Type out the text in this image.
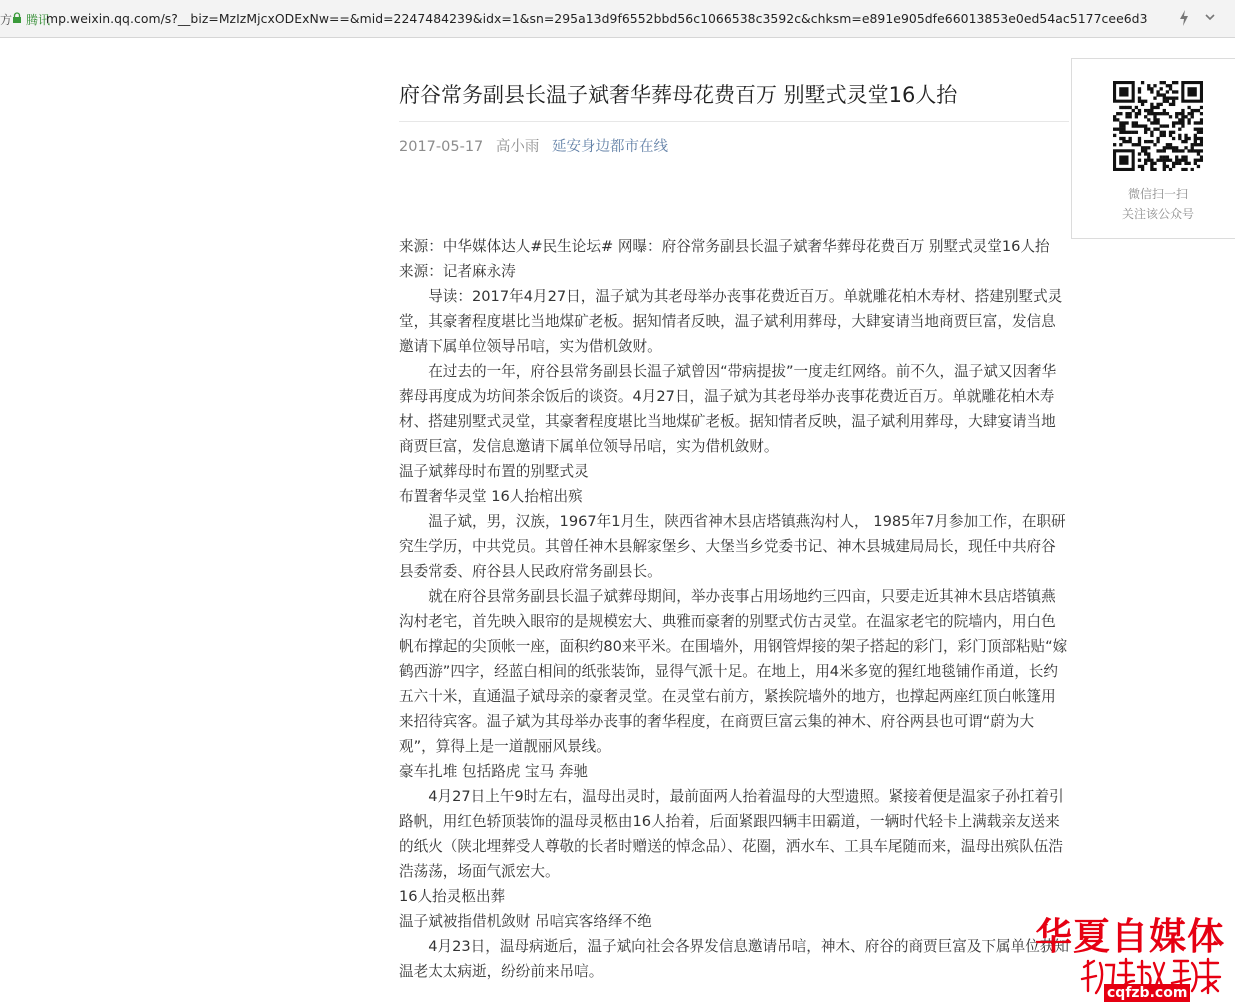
方 腾讯
mp.weixin.qq.com/s?__biz=MzIzMjcxODExNw==&mid=2247484239&idx=1&sn=295a13d9f6552bbd56c1066538c3592c&chksm=e891e905dfe66013853e0ed54ac5177cee6d3
府谷常务副县长温子斌奢华葬母花费百万 别墅式灵堂16人抬
2017-05-17 高小雨 延安身边都市在线

来源：中华媒体达人#民生论坛# 网曝：府谷常务副县长温子斌奢华葬母花费百万 别墅式灵堂16人抬

来源：记者麻永涛

导读：2017年4月27日，温子斌为其老母举办丧事花费近百万。单就雕花柏木寿材、搭建别墅式灵堂，其豪奢程度堪比当地煤矿老板。据知情者反映，温子斌利用葬母，大肆宴请当地商贾巨富，发信息邀请下属单位领导吊唁，实为借机敛财。

在过去的一年，府谷县常务副县长温子斌曾因“带病提拔”一度走红网络。前不久，温子斌又因奢华葬母再度成为坊间茶余饭后的谈资。4月27日，温子斌为其老母举办丧事花费近百万。单就雕花柏木寿材、搭建别墅式灵堂，其豪奢程度堪比当地煤矿老板。据知情者反映，温子斌利用葬母，大肆宴请当地商贾巨富，发信息邀请下属单位领导吊唁，实为借机敛财。

温子斌葬母时布置的别墅式灵

布置奢华灵堂 16人抬棺出殡

温子斌，男，汉族，1967年1月生，陕西省神木县店塔镇燕沟村人， 1985年7月参加工作，在职研究生学历，中共党员。其曾任神木县解家堡乡、大堡当乡党委书记、神木县城建局局长，现任中共府谷县委常委、府谷县人民政府常务副县长。

就在府谷县常务副县长温子斌葬母期间，举办丧事占用场地约三四亩，只要走近其神木县店塔镇燕沟村老宅，首先映入眼帘的是规模宏大、典雅而豪奢的别墅式仿古灵堂。在温家老宅的院墙内，用白色帆布撑起的尖顶帐一座，面积约80来平米。在围墙外，用钢管焊接的架子搭起的彩门，彩门顶部粘贴“嫁鹤西游”四字，经蓝白相间的纸张装饰，显得气派十足。在地上，用4米多宽的猩红地毯铺作甬道，长约五六十米，直通温子斌母亲的豪奢灵堂。在灵堂右前方，紧挨院墙外的地方，也撑起两座红顶白帐篷用来招待宾客。温子斌为其母举办丧事的奢华程度，在商贾巨富云集的神木、府谷两县也可谓“蔚为大观”，算得上是一道靓丽风景线。

豪车扎堆 包括路虎 宝马 奔驰

4月27日上午9时左右，温母出灵时，最前面两人抬着温母的大型遗照。紧接着便是温家子孙扛着引路帆，用红色轿顶装饰的温母灵柩由16人抬着，后面紧跟四辆丰田霸道，一辆时代轻卡上满载亲友送来的纸火（陕北埋葬受人尊敬的长者时赠送的悼念品）、花圈，洒水车、工具车尾随而来，温母出殡队伍浩浩荡荡，场面气派宏大。

16人抬灵柩出葬

温子斌被指借机敛财 吊唁宾客络绎不绝

4月23日，温母病逝后，温子斌向社会各界发信息邀请吊唁，神木、府谷的商贾巨富及下属单位获知温老太太病逝，纷纷前来吊唁。

微信扫一扫
关注该公众号
华夏自媒体
cqfzb.com
